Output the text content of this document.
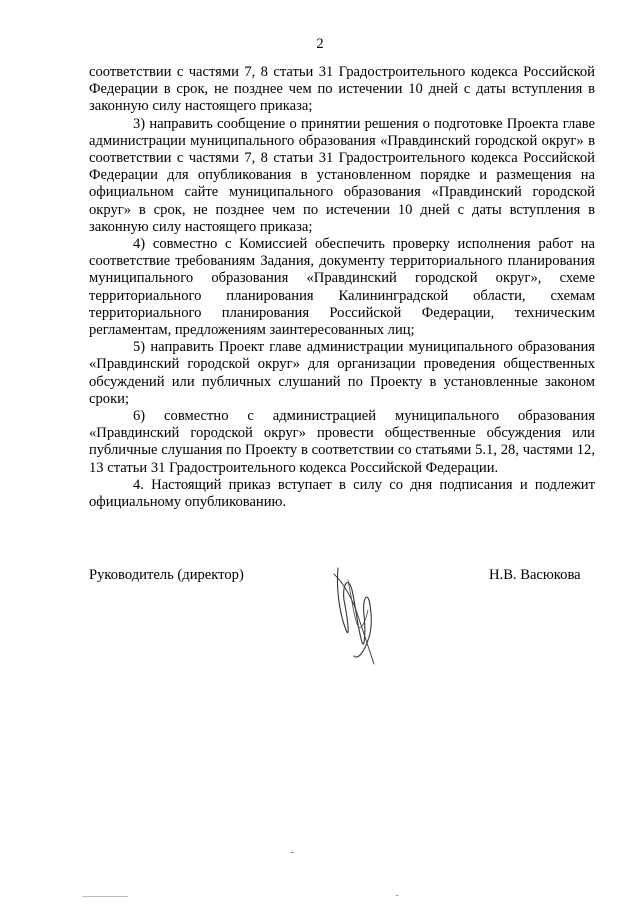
2

соответствии с частями 7, 8 статьи 31 Градостроительного кодекса Российской Федерации в срок, не позднее чем по истечении 10 дней с даты вступления в законную силу настоящего приказа;

3) направить сообщение о принятии решения о подготовке Проекта главе администрации муниципального образования «Правдинский городской округ» в соответствии с частями 7, 8 статьи 31 Градостроительного кодекса Российской Федерации для опубликования в установленном порядке и размещения на официальном сайте муниципального образования «Правдинский городской округ» в срок, не позднее чем по истечении 10 дней с даты вступления в законную силу настоящего приказа;

4) совместно с Комиссией обеспечить проверку исполнения работ на соответствие требованиям Задания, документу территориального планирования муниципального образования «Правдинский городской округ», схеме территориального планирования Калининградской области, схемам территориального планирования Российской Федерации, техническим регламентам, предложениям заинтересованных лиц;

5) направить Проект главе администрации муниципального образования «Правдинский городской округ» для организации проведения общественных обсуждений или публичных слушаний по Проекту в установленные законом сроки;

6) совместно с администрацией муниципального образования «Правдинский городской округ» провести общественные обсуждения или публичные слушания по Проекту в соответствии со статьями 5.1, 28, частями 12, 13 статьи 31 Градостроительного кодекса Российской Федерации.

4. Настоящий приказ вступает в силу со дня подписания и подлежит официальному опубликованию.

Руководитель (директор)	Н.В. Васюкова
